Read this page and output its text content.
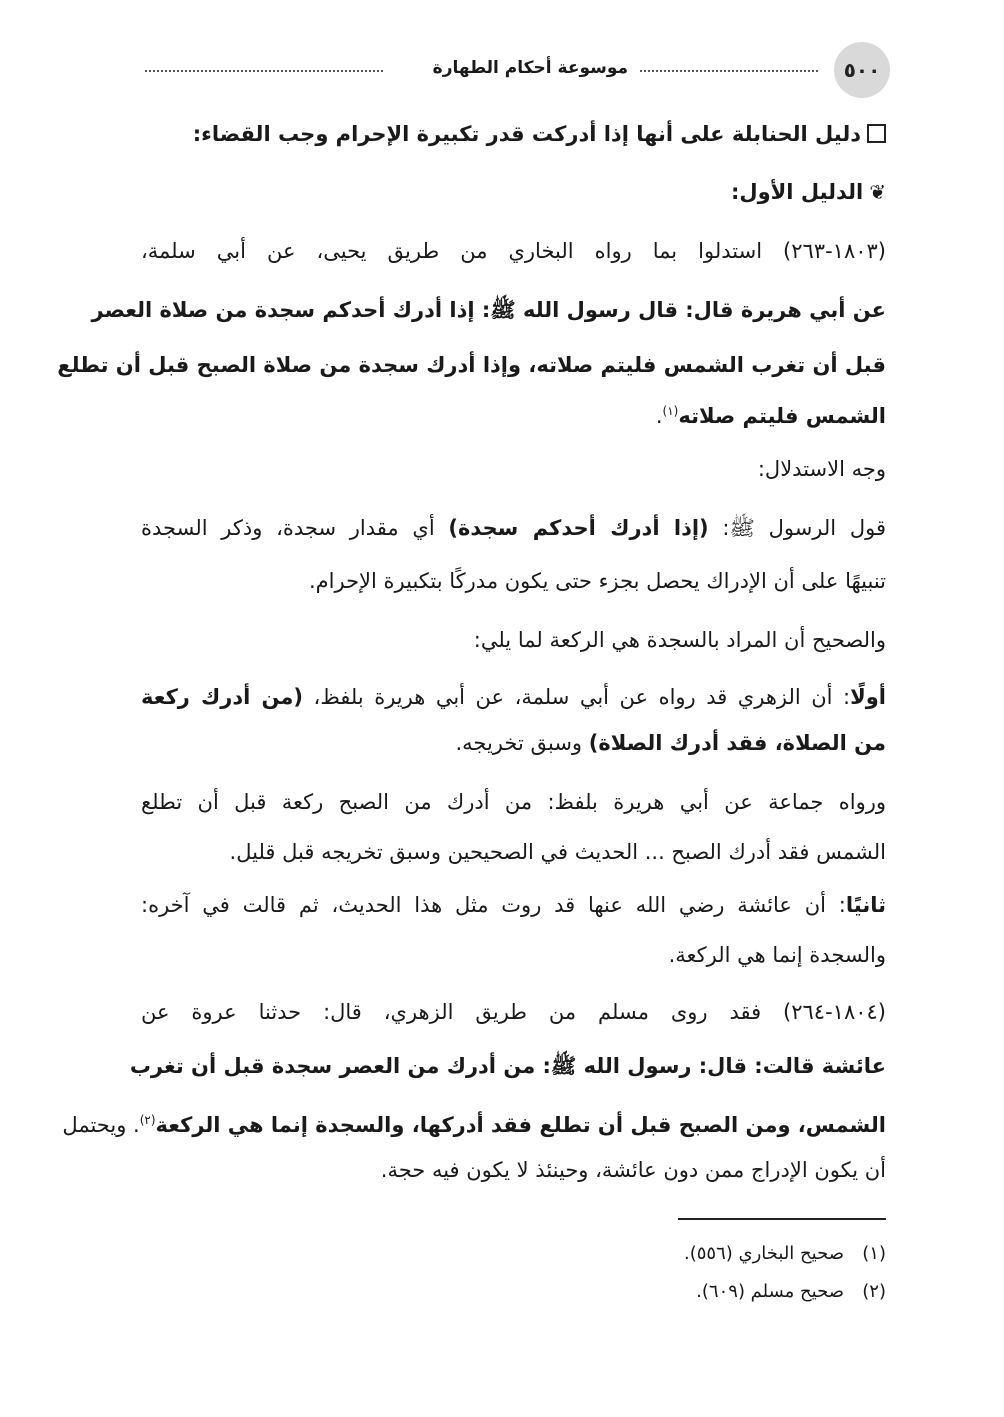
٥٠٠
موسوعة أحكام الطهارة
دليل الحنابلة على أنها إذا أدركت قدر تكبيرة الإحرام وجب القضاء:
❦الدليل الأول:
(١٨٠٣-٢٦٣) استدلوا بما رواه البخاري من طريق يحيى، عن أبي سلمة،
عن أبي هريرة قال: قال رسول الله ﷺ: إذا أدرك أحدكم سجدة من صلاة العصر
قبل أن تغرب الشمس فليتم صلاته، وإذا أدرك سجدة من صلاة الصبح قبل أن تطلع
الشمس فليتم صلاته$^{(١)}$.
وجه الاستدلال:
قول الرسول ﷺ: (إذا أدرك أحدكم سجدة) أي مقدار سجدة، وذكر السجدة
تنبيهًا على أن الإدراك يحصل بجزء حتى يكون مدركًا بتكبيرة الإحرام.
والصحيح أن المراد بالسجدة هي الركعة لما يلي:
أولًا: أن الزهري قد رواه عن أبي سلمة، عن أبي هريرة بلفظ، (من أدرك ركعة
من الصلاة، فقد أدرك الصلاة) وسبق تخريجه.
ورواه جماعة عن أبي هريرة بلفظ: من أدرك من الصبح ركعة قبل أن تطلع
الشمس فقد أدرك الصبح ... الحديث في الصحيحين وسبق تخريجه قبل قليل.
ثانيًا: أن عائشة رضي الله عنها قد روت مثل هذا الحديث، ثم قالت في آخره:
والسجدة إنما هي الركعة.
(١٨٠٤-٢٦٤) فقد روى مسلم من طريق الزهري، قال: حدثنا عروة عن
عائشة قالت: قال: رسول الله ﷺ: من أدرك من العصر سجدة قبل أن تغرب
الشمس، ومن الصبح قبل أن تطلع فقد أدركها، والسجدة إنما هي الركعة$^{(٢)}$. ويحتمل
أن يكون الإدراج ممن دون عائشة، وحينئذ لا يكون فيه حجة.
(١)صحيح البخاري (٥٥٦).
(٢)صحيح مسلم (٦٠٩).
